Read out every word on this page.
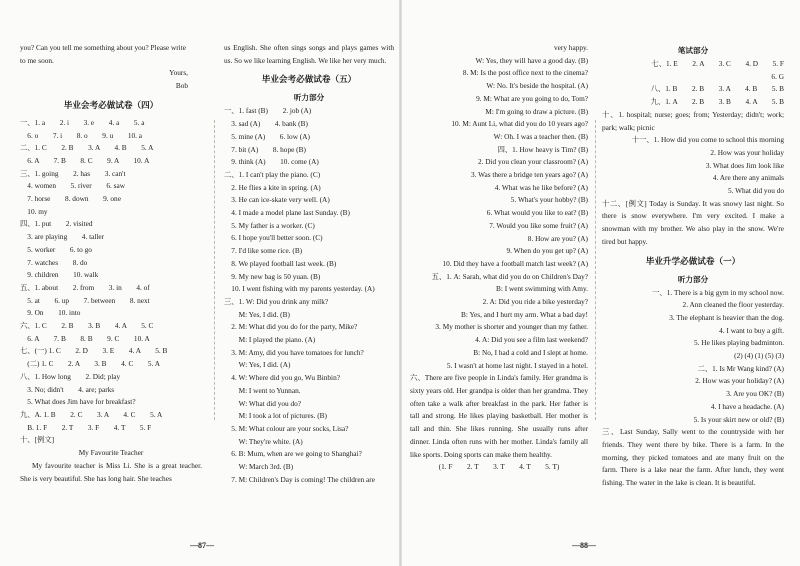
you? Can you tell me something about you? Please write
to me soon.
Yours,
Bob
毕业会考必做试卷（四）
一、1. a　　2. i　　3. e　　4. a　　5. a
　6. o　　7. i　　8. o　　9. u　　10. a
二、1. C　　2. B　　3. A　　4. B　　5. A
　6. A　　7. B　　8. C　　9. A　　10. A
三、1. going　　2. has　　3. can't
　4. women　　5. river　　6. saw
　7. horse　　8. down　　9. one
　10. my
四、1. put　　2. visited
　3. are playing　　4. taller
　5. worker　　6. to go
　7. watches　　8. do
　9. children　　10. walk
五、1. about　　2. from　　3. in　　4. of
　5. at　　6. up　　7. between　　8. next
　9. On　　10. into
六、1. C　　2. B　　3. B　　4. A　　5. C
　6. A　　7. B　　8. B　　9. C　　10. A
七、(一) 1. C　　2. D　　3. E　　4. A　　5. B
　(二) 1. C　　2. A　　3. B　　4. C　　5. A
八、1. How long　　2. Did; play
　3. No; didn't　　4. are; parks
　5. What does Jim have for breakfast?
九、A. 1. B　　2. C　　3. A　　4. C　　5. A
　B. 1. F　　2. T　　3. F　　4. T　　5. F
十、[例文]
My Favourite Teacher
My favourite teacher is Miss Li. She is a great teacher. She is very beautiful. She has long hair. She teaches
us English. She often sings songs and plays games with us. So we like learning English. We like her very much.
毕业会考必做试卷（五）
听力部分
一、1. fast (B)　　2. job (A)
　3. sad (A)　　4. bank (B)
　5. mine (A)　　6. low (A)
　7. bit (A)　　8. hope (B)
　9. think (A)　　10. come (A)
二、1. I can't play the piano. (C)
　2. He flies a kite in spring. (A)
　3. He can ice-skate very well. (A)
　4. I made a model plane last Sunday. (B)
　5. My father is a worker. (C)
　6. I hope you'll better soon. (C)
　7. I'd like some rice. (B)
　8. We played football last week. (B)
　9. My new bag is 50 yuan. (B)
　10. I went fishing with my parents yesterday. (A)
三、1. W: Did you drink any milk?
　　M: Yes, I did. (B)
　2. M: What did you do for the party, Mike?
　　M: I played the piano. (A)
　3. M: Amy, did you have tomatoes for lunch?
　　W: Yes, I did. (A)
　4. W: Where did you go, Wu Binbin?
　　M: I went to Yunnan.
　　W: What did you do?
　　M: I took a lot of pictures. (B)
　5. M: What colour are your socks, Lisa?
　　W: They're white. (A)
　6. B: Mum, when are we going to Shanghai?
　　W: March 3rd. (B)
　7. M: Children's Day is coming! The children are
—87—
very happy.
　　W: Yes, they will have a good day. (B)
　8. M: Is the post office next to the cinema?
　　W: No. It's beside the hospital. (A)
　9. M: What are you going to do, Tom?
　　M: I'm going to draw a picture. (B)
　10. M: Aunt Li, what did you do 10 years ago?
　　W: Oh. I was a teacher then. (B)
四、1. How heavy is Tim? (B)
　2. Did you clean your classroom? (A)
　3. Was there a bridge ten years ago? (A)
　4. What was he like before? (A)
　5. What's your hobby? (B)
　6. What would you like to eat? (B)
　7. Would you like some fruit? (A)
　8. How are you? (A)
　9. When do you get up? (A)
　10. Did they have a football match last week? (A)
五、1. A: Sarah, what did you do on Children's Day?
　　B: I went swimming with Amy.
　2. A: Did you ride a bike yesterday?
　　B: Yes, and I hurt my arm. What a bad day!
　3. My mother is shorter and younger than my father.
　4. A: Did you see a film last weekend?
　　B: No, I had a cold and I slept at home.
　5. I wasn't at home last night. I stayed in a hotel.
六、There are five people in Linda's family. Her grandma is sixty years old. Her grandpa is older than her grandma. They often take a walk after breakfast in the park. Her father is tall and strong. He likes playing basketball. Her mother is tall and thin. She likes running. She usually runs after dinner. Linda often runs with her mother. Linda's family all like sports. Doing sports can make them healthy.
(1. F　　2. T　　3. T　　4. T　　5. T)
笔试部分
七、1. E　　2. A　　3. C　　4. D　　5. F
　6. G
八、1. B　　2. B　　3. A　　4. B　　5. B
九、1. A　　2. B　　3. B　　4. A　　5. B
十、1. hospital; nurse; goes; from; Yesterday; didn't; work; park; walk; picnic
十一、1. How did you come to school this morning
　2. How was your holiday
　3. What does Jim look like
　4. Are there any animals
　5. What did you do
十二、[例文] Today is Sunday. It was snowy last night. So there is snow everywhere. I'm very excited. I make a snowman with my brother. We also play in the snow. We're tired but happy.
毕业升学必做试卷（一）
听力部分
一、1. There is a big gym in my school now.
　2. Ann cleaned the floor yesterday.
　3. The elephant is heavier than the dog.
　4. I want to buy a gift.
　5. He likes playing badminton.
　(2) (4) (1) (5) (3)
二、1. Is Mr Wang kind? (A)
　2. How was your holiday? (A)
　3. Are you OK? (B)
　4. I have a headache. (A)
　5. Is your skirt new or old? (B)
三、Last Sunday, Sally went to the countryside with her friends. They went there by bike. There is a farm. In the morning, they picked tomatoes and ate many fruit on the farm. There is a lake near the farm. After lunch, they went fishing. The water in the lake is clean. It is beautiful.
—88—
